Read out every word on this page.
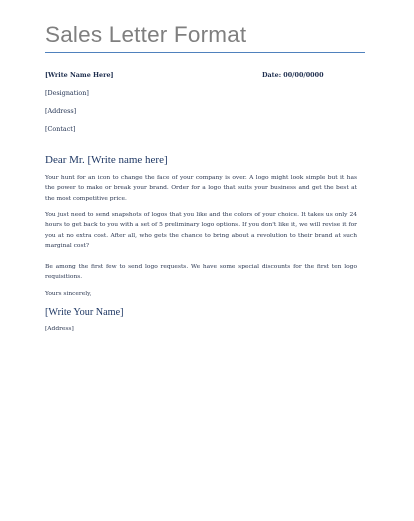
Sales Letter Format
[Write Name Here]	Date: 00/00/0000
[Designation]
[Address]
[Contact]
Dear Mr. [Write name here]

Your hunt for an icon to change the face of your company is over. A logo might look simple but it has the power to make or break your brand. Order for a logo that suits your business and get the best at the most competitive price.

You just need to send snapshots of logos that you like and the colors of your choice. It takes us only 24 hours to get back to you with a set of 5 preliminary logo options. If you don't like it, we will revise it for you at no extra cost. After all, who gets the chance to bring about a revolution to their brand at such marginal cost?

Be among the first few to send logo requests. We have some special discounts for the first ten logo requisitions.

Yours sincerely,
[Write Your Name]
[Address]
